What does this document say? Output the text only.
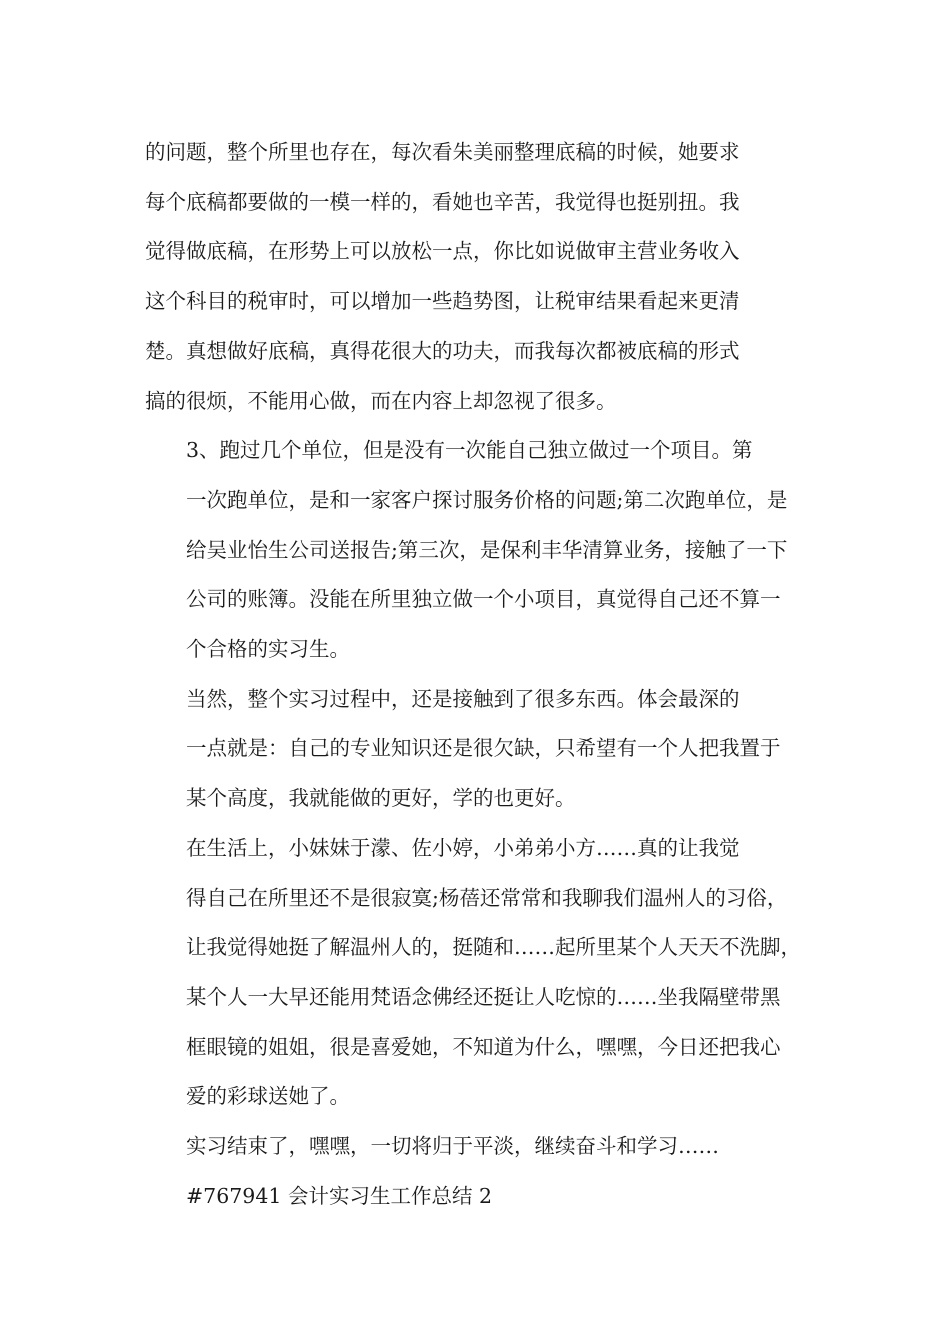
的问题，整个所里也存在，每次看朱美丽整理底稿的时候，她要求
每个底稿都要做的一模一样的，看她也辛苦，我觉得也挺别扭。我
觉得做底稿，在形势上可以放松一点，你比如说做审主营业务收入
这个科目的税审时，可以增加一些趋势图，让税审结果看起来更清
楚。真想做好底稿，真得花很大的功夫，而我每次都被底稿的形式
搞的很烦，不能用心做，而在内容上却忽视了很多。

3、跑过几个单位，但是没有一次能自己独立做过一个项目。第
一次跑单位，是和一家客户探讨服务价格的问题;第二次跑单位，是
给吴业怡生公司送报告;第三次，是保利丰华清算业务，接触了一下
公司的账簿。没能在所里独立做一个小项目，真觉得自己还不算一
个合格的实习生。

当然，整个实习过程中，还是接触到了很多东西。体会最深的
一点就是：自己的专业知识还是很欠缺，只希望有一个人把我置于
某个高度，我就能做的更好，学的也更好。

在生活上，小妹妹于濛、佐小婷，小弟弟小方……真的让我觉
得自己在所里还不是很寂寞;杨蓓还常常和我聊我们温州人的习俗，
让我觉得她挺了解温州人的，挺随和……起所里某个人天天不洗脚，
某个人一大早还能用梵语念佛经还挺让人吃惊的……坐我隔壁带黑
框眼镜的姐姐，很是喜爱她，不知道为什么，嘿嘿，今日还把我心
爱的彩球送她了。

实习结束了，嘿嘿，一切将归于平淡，继续奋斗和学习……

#767941 会计实习生工作总结 2
